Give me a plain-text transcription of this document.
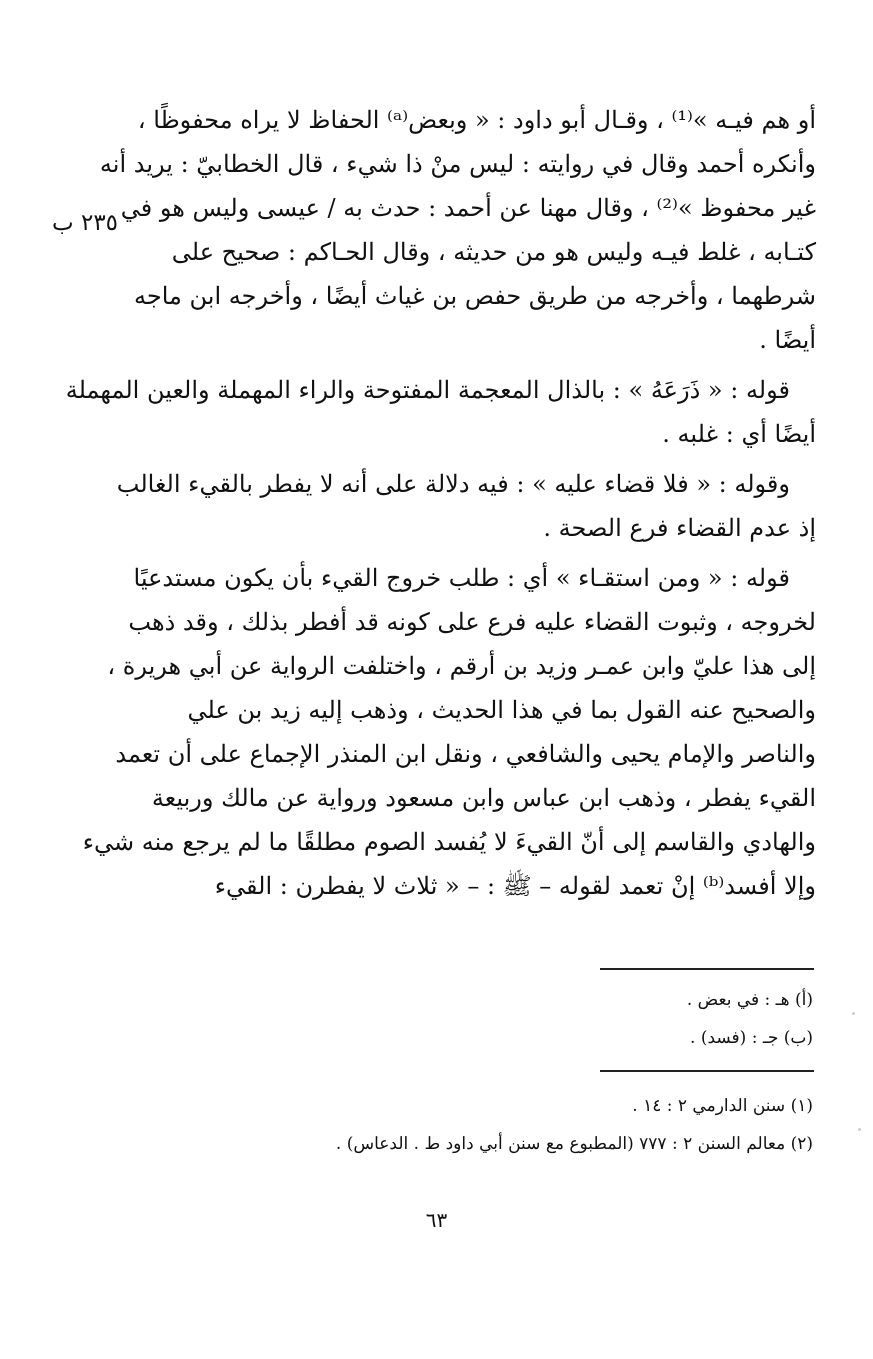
٢٣٥ ب
أو هم فيـه »⁽¹⁾ ، وقـال أبو داود : « وبعض⁽ᵃ⁾ الحفاظ لا يراه محفوظًا ،
وأنكره أحمد وقال في روايته : ليس منْ ذا شيء ، قال الخطابيّ : يريد أنه
غير محفوظ »⁽²⁾ ، وقال مهنا عن أحمد : حدث به / عيسى وليس هو في
كتـابه ، غلط فيـه وليس هو من حديثه ، وقال الحـاكم : صحيح على
شرطهما ، وأخرجه من طريق حفص بن غياث أيضًا ، وأخرجه ابن ماجه
أيضًا .
قوله : « ذَرَعَهُ » : بالذال المعجمة المفتوحة والراء المهملة والعين المهملة
أيضًا أي : غلبه .
وقوله : « فلا قضاء عليه » : فيه دلالة على أنه لا يفطر بالقيء الغالب
إذ عدم القضاء فرع الصحة .
قوله : « ومن استقـاء » أي : طلب خروج القيء بأن يكون مستدعيًا
لخروجه ، وثبوت القضاء عليه فرع على كونه قد أفطر بذلك ، وقد ذهب
إلى هذا عليّ وابن عمـر وزيد بن أرقم ، واختلفت الرواية عن أبي هريرة ،
والصحيح عنه القول بما في هذا الحديث ، وذهب إليه زيد بن علي
والناصر والإمام يحيى والشافعي ، ونقل ابن المنذر الإجماع على أن تعمد
القيء يفطر ، وذهب ابن عباس وابن مسعود ورواية عن مالك وربيعة
والهادي والقاسم إلى أنّ القيءَ لا يُفسد الصوم مطلقًا ما لم يرجع منه شيء
وإلا أفسد⁽ᵇ⁾ إنْ تعمد لقوله – ﷺ : – « ثلاث لا يفطرن : القيء
(أ) هـ : في بعض .
(ب) جـ : (فسد) .
(١) سنن الدارمي ٢ : ١٤ .
(٢) معالم السنن ٢ : ٧٧٧ (المطبوع مع سنن أبي داود ط . الدعاس) .
٦٣
